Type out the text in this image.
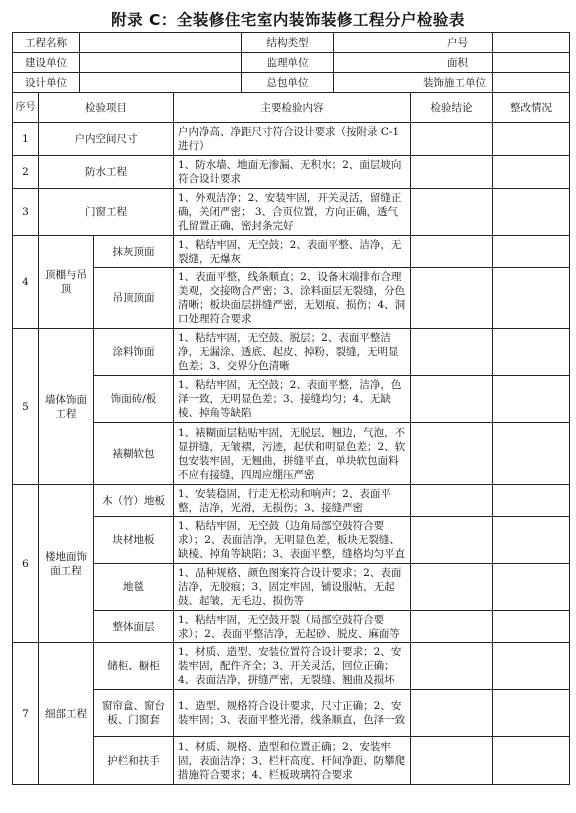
附录 C：全装修住宅室内装饰装修工程分户检验表
工程名称					结构类型	户号		
建设单位					监理单位	面积		
设计单位					总包单位	装饰施工单位		
序号	检验项目			主要检验内容			检验结论	整改情况
1	户内空间尺寸			户内净高、净距尺寸符合设计要求（按附录 C-1 进行）				
2	防水工程			1、防水墙、地面无渗漏、无积水；2、面层坡向符合设计要求				
3	门窗工程			1、外观洁净；2、安装牢固，开关灵活，留缝正确，关闭严密； 3、合页位置，方向正确，透气孔留置正确，密封条完好				
4	顶棚与吊顶		抹灰顶面	1、粘结牢固，无空鼓；2、表面平整、洁净，无裂缝，无爆灰				
			吊顶顶面	1、表面平整，线条顺直；2、设备末端排布合理美观，交接吻合严密；3、涂料面层无裂缝，分色清晰；板块面层拼缝严密，无划痕、损伤；4、洞口处理符合要求				
5	墙体饰面工程		涂料饰面	1、粘结牢固，无空鼓、脱层；2、表面平整洁净，无漏涂、透底、起皮、掉粉、裂缝，无明显色差；3、交界分色清晰				
			饰面砖/板	1、粘结牢固，无空鼓；2、表面平整，洁净，色泽一致，无明显色差；3、接缝均匀；4、无缺棱、掉角等缺陷				
			裱糊软包	1、裱糊面层粘贴牢固，无脱层，翘边，气泡，不显拼缝，无皱褶，污迹，起伏和明显色差；2、软包安装牢固，无翘曲，拼缝平直，单块软包面料不应有接缝，四周应绷压严密				
6	楼地面饰面工程		木（竹）地板	1、安装稳固，行走无松动和响声；2、表面平整，洁净，光滑，无损伤；3、接缝严密				
			块材地板	1、粘结牢固，无空鼓（边角局部空鼓符合要求）；2、表面洁净，无明显色差，板块无裂缝、缺棱、掉角等缺陷；3、表面平整，缝格均匀平直				
			地毯	1、品种规格、颜色图案符合设计要求；2、表面洁净，无胶痕；3、固定牢固，铺设服帖，无起鼓、起皱，无毛边、损伤等				
			整体面层	1、粘结牢固，无空鼓开裂（局部空鼓符合要求）；2、表面平整洁净，无起砂、脱皮、麻面等				
7	细部工程		储柜、橱柜	1、材质、造型、安装位置符合设计要求；2、安装牢固，配件齐全；3、开关灵活，回位正确；4、表面洁净，拼缝严密，无裂缝、翘曲及损坏				
			窗帘盒、窗台板、门窗套	1、造型、规格符合设计要求，尺寸正确；2、安装牢固；3、表面平整光滑，线条顺直，色泽一致				
			护栏和扶手	1、材质、规格、造型和位置正确；2、安装牢固，表面洁净；3、栏杆高度、杆间净距、防攀爬措施符合要求；4、栏板玻璃符合要求				
